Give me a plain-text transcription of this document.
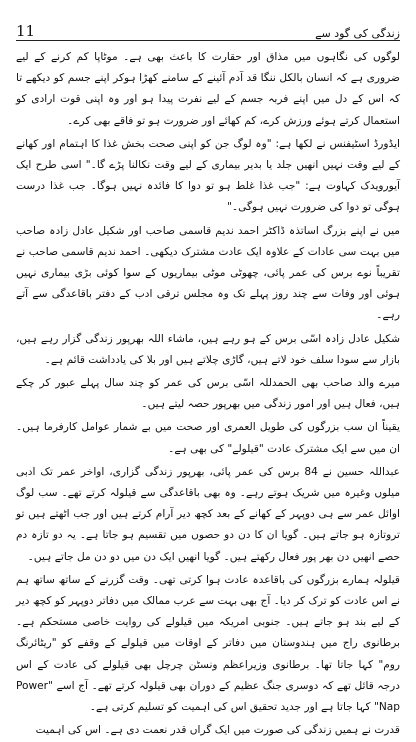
11	زندگی کی گود سے

لوگوں کی نگاہوں میں مذاق اور حقارت کا باعث بھی ہے۔ موٹاپا کم کرنے کے لیے ضروری ہے کہ انسان بالکل ننگا قد آدم آئینے کے سامنے کھڑا ہوکر اپنے جسم کو دیکھے تا کہ اس کے دل میں اپنے فربہ جسم کے لیے نفرت پیدا ہو اور وہ اپنی قوت ارادی کو استعمال کرتے ہوئے ورزش کرے، کم کھائے اور ضرورت ہو تو فاقے بھی کرے۔

ایڈورڈ اسٹیفنس نے لکھا ہے: "وہ لوگ جن کو اپنی صحت بخش غذا کا اہتمام اور کھانے کے لیے وقت نہیں انھیں جلد یا بدیر بیماری کے لیے وقت نکالنا پڑے گا۔" اسی طرح ایک آیورویدک کہاوت ہے: "جب غذا غلط ہو تو دوا کا فائدہ نہیں ہوگا۔ جب غذا درست ہوگی تو دوا کی ضرورت نہیں ہوگی۔"

میں نے اپنے بزرگ اساتذہ ڈاکٹر احمد ندیم قاسمی صاحب اور شکیل عادل زادہ صاحب میں بہت سی عادات کے علاوہ ایک عادت مشترک دیکھی۔ احمد ندیم قاسمی صاحب نے تقریباً نوے برس کی عمر پائی، چھوٹی موٹی بیماریوں کے سوا کوئی بڑی بیماری نہیں ہوئی اور وفات سے چند روز پہلے تک وہ مجلس ترقی ادب کے دفتر باقاعدگی سے آتے رہے۔

شکیل عادل زادہ اسّی برس کے ہو رہے ہیں، ماشاء اللہ بھرپور زندگی گزار رہے ہیں، بازار سے سودا سلف خود لاتے ہیں، گاڑی چلاتے ہیں اور بلا کی یادداشت قائم ہے۔

میرے والد صاحب بھی الحمدللہ اسّی برس کی عمر کو چند سال پہلے عبور کر چکے ہیں، فعال ہیں اور امور زندگی میں بھرپور حصہ لیتے ہیں۔

یقیناً ان سب بزرگوں کی طویل العمری اور صحت میں بے شمار عوامل کارفرما ہیں۔ ان میں سے ایک مشترک عادت "قیلولے" کی بھی ہے۔

عبداللہ حسین نے 84 برس کی عمر پائی، بھرپور زندگی گزاری، اواخر عمر تک ادبی میلوں وغیرہ میں شریک ہوتے رہے۔ وہ بھی باقاعدگی سے قیلولہ کرتے تھے۔ سب لوگ اوائل عمر سے ہی دوپہر کے کھانے کے بعد کچھ دیر آرام کرتے ہیں اور جب اٹھتے ہیں تو تروتازہ ہو جاتے ہیں۔ گویا ان کا دن دو حصوں میں تقسیم ہو جاتا ہے۔ یہ دو تازہ دم حصے انھیں دن بھر پور فعال رکھتے ہیں۔ گویا انھیں ایک دن میں دو دن مل جاتے ہیں۔

قیلولہ ہمارے بزرگوں کی باقاعدہ عادت ہوا کرتی تھی۔ وقت گزرنے کے ساتھ ساتھ ہم نے اس عادت کو ترک کر دیا۔ آج بھی بہت سے عرب ممالک میں دفاتر دوپہر کو کچھ دیر کے لیے بند ہو جاتے ہیں۔ جنوبی امریکہ میں قیلولے کی روایت خاصی مستحکم ہے۔ برطانوی راج میں ہندوستان میں دفاتر کے اوقات میں قیلولے کے وقفے کو "ریٹائرنگ روم" کہا جاتا تھا۔ برطانوی وزیراعظم ونسٹن چرچل بھی قیلولے کی عادت کے اس درجہ قائل تھے کہ دوسری جنگ عظیم کے دوران بھی قیلولہ کرتے تھے۔ آج اسے "Power Nap" کہا جاتا ہے اور جدید تحقیق اس کی اہمیت کو تسلیم کرتی ہے۔

قدرت نے ہمیں زندگی کی صورت میں ایک گراں قدر نعمت دی ہے۔ اس کی اہمیت
